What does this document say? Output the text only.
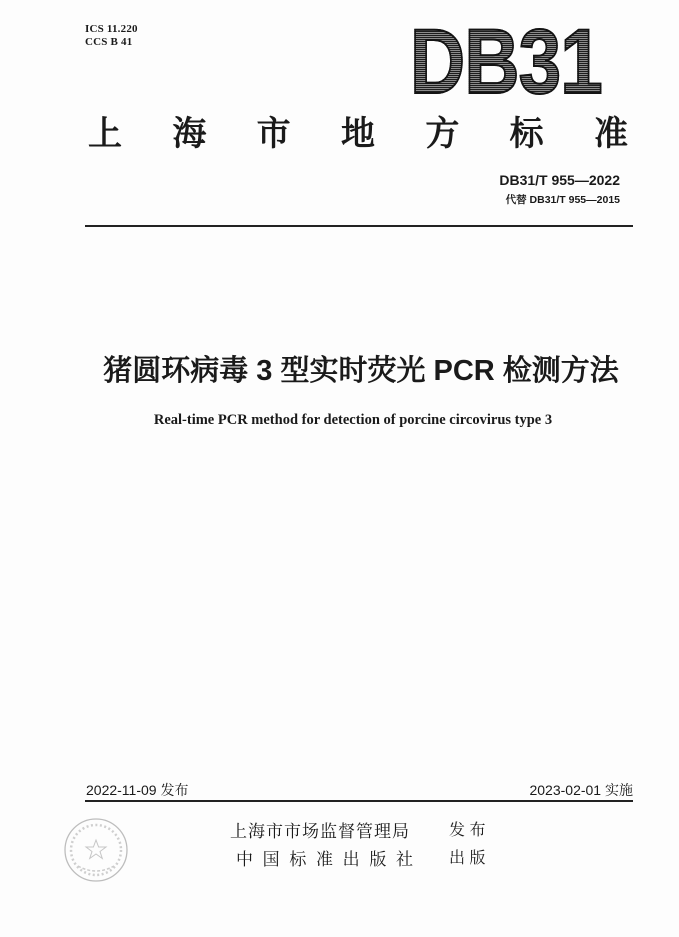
ICS 11.220
CCS B 41	DB31
上 海 市 地 方 标 准
DB31/T 955—2022
代替 DB31/T 955—2015
猪圆环病毒 3 型实时荧光 PCR 检测方法
Real-time PCR method for detection of porcine circovirus type 3
2022-11-09 发布	2023-02-01 实施
上海市市场监督管理局 发 布
中 国 标 准 出 版 社 出 版
